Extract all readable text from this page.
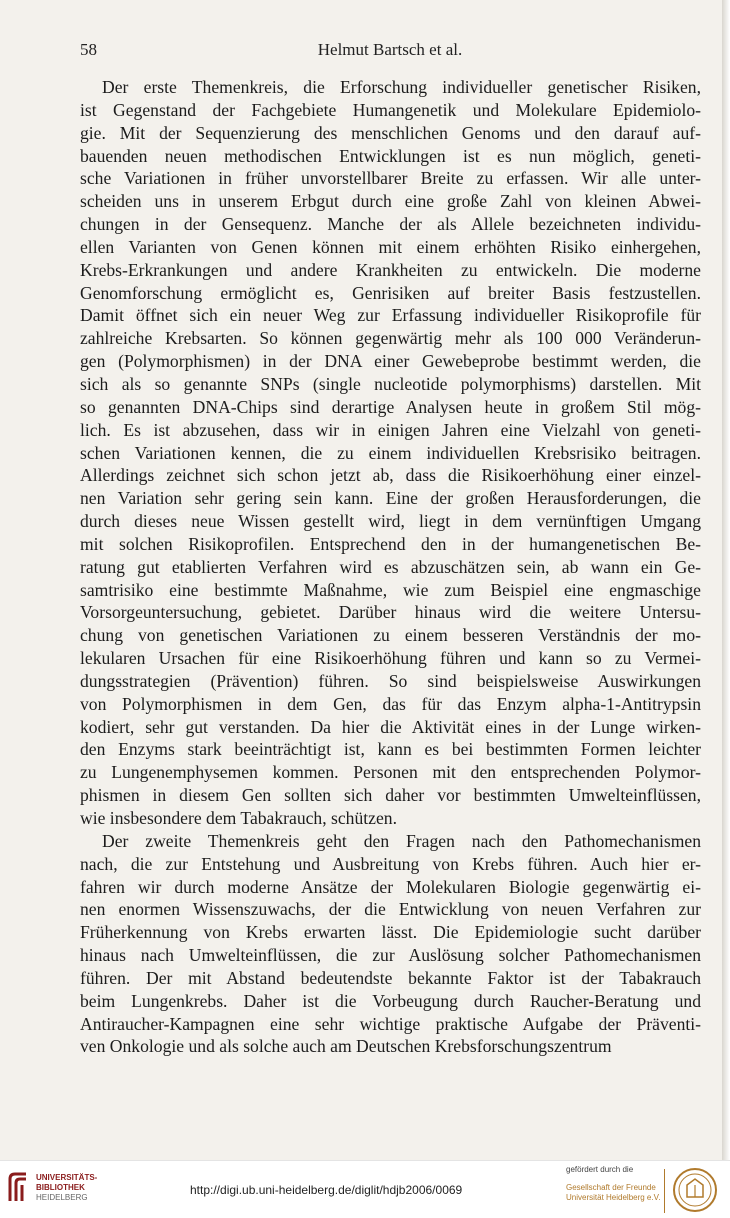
58	Helmut Bartsch et al.
Der erste Themenkreis, die Erforschung individueller genetischer Risiken,
ist Gegenstand der Fachgebiete Humangenetik und Molekulare Epidemiolo-
gie. Mit der Sequenzierung des menschlichen Genoms und den darauf auf-
bauenden neuen methodischen Entwicklungen ist es nun möglich, geneti-
sche Variationen in früher unvorstellbarer Breite zu erfassen. Wir alle unter-
scheiden uns in unserem Erbgut durch eine große Zahl von kleinen Abwei-
chungen in der Gensequenz. Manche der als Allele bezeichneten individu-
ellen Varianten von Genen können mit einem erhöhten Risiko einhergehen,
Krebs-Erkrankungen und andere Krankheiten zu entwickeln. Die moderne
Genomforschung ermöglicht es, Genrisiken auf breiter Basis festzustellen.
Damit öffnet sich ein neuer Weg zur Erfassung individueller Risikoprofile für
zahlreiche Krebsarten. So können gegenwärtig mehr als 100 000 Veränderun-
gen (Polymorphismen) in der DNA einer Gewebeprobe bestimmt werden, die
sich als so genannte SNPs (single nucleotide polymorphisms) darstellen. Mit
so genannten DNA-Chips sind derartige Analysen heute in großem Stil mög-
lich. Es ist abzusehen, dass wir in einigen Jahren eine Vielzahl von geneti-
schen Variationen kennen, die zu einem individuellen Krebsrisiko beitragen.
Allerdings zeichnet sich schon jetzt ab, dass die Risikoerhöhung einer einzel-
nen Variation sehr gering sein kann. Eine der großen Herausforderungen, die
durch dieses neue Wissen gestellt wird, liegt in dem vernünftigen Umgang
mit solchen Risikoprofilen. Entsprechend den in der humangenetischen Be-
ratung gut etablierten Verfahren wird es abzuschätzen sein, ab wann ein Ge-
samtrisiko eine bestimmte Maßnahme, wie zum Beispiel eine engmaschige
Vorsorgeuntersuchung, gebietet. Darüber hinaus wird die weitere Untersu-
chung von genetischen Variationen zu einem besseren Verständnis der mo-
lekularen Ursachen für eine Risikoerhöhung führen und kann so zu Vermei-
dungsstrategien (Prävention) führen. So sind beispielsweise Auswirkungen
von Polymorphismen in dem Gen, das für das Enzym alpha-1-Antitrypsin
kodiert, sehr gut verstanden. Da hier die Aktivität eines in der Lunge wirken-
den Enzyms stark beeinträchtigt ist, kann es bei bestimmten Formen leichter
zu Lungenemphysemen kommen. Personen mit den entsprechenden Polymor-
phismen in diesem Gen sollten sich daher vor bestimmten Umwelteinflüssen,
wie insbesondere dem Tabakrauch, schützen.
Der zweite Themenkreis geht den Fragen nach den Pathomechanismen
nach, die zur Entstehung und Ausbreitung von Krebs führen. Auch hier er-
fahren wir durch moderne Ansätze der Molekularen Biologie gegenwärtig ei-
nen enormen Wissenszuwachs, der die Entwicklung von neuen Verfahren zur
Früherkennung von Krebs erwarten lässt. Die Epidemiologie sucht darüber
hinaus nach Umwelteinflüssen, die zur Auslösung solcher Pathomechanismen
führen. Der mit Abstand bedeutendste bekannte Faktor ist der Tabakrauch
beim Lungenkrebs. Daher ist die Vorbeugung durch Raucher-Beratung und
Antiraucher-Kampagnen eine sehr wichtige praktische Aufgabe der Präventi-
ven Onkologie und als solche auch am Deutschen Krebsforschungszentrum
UNIVERSITÄTS-
BIBLIOTHEK
HEIDELBERG
http://digi.ub.uni-heidelberg.de/diglit/hdjb2006/0069
gefördert durch die
Gesellschaft der Freunde
Universität Heidelberg e.V.
